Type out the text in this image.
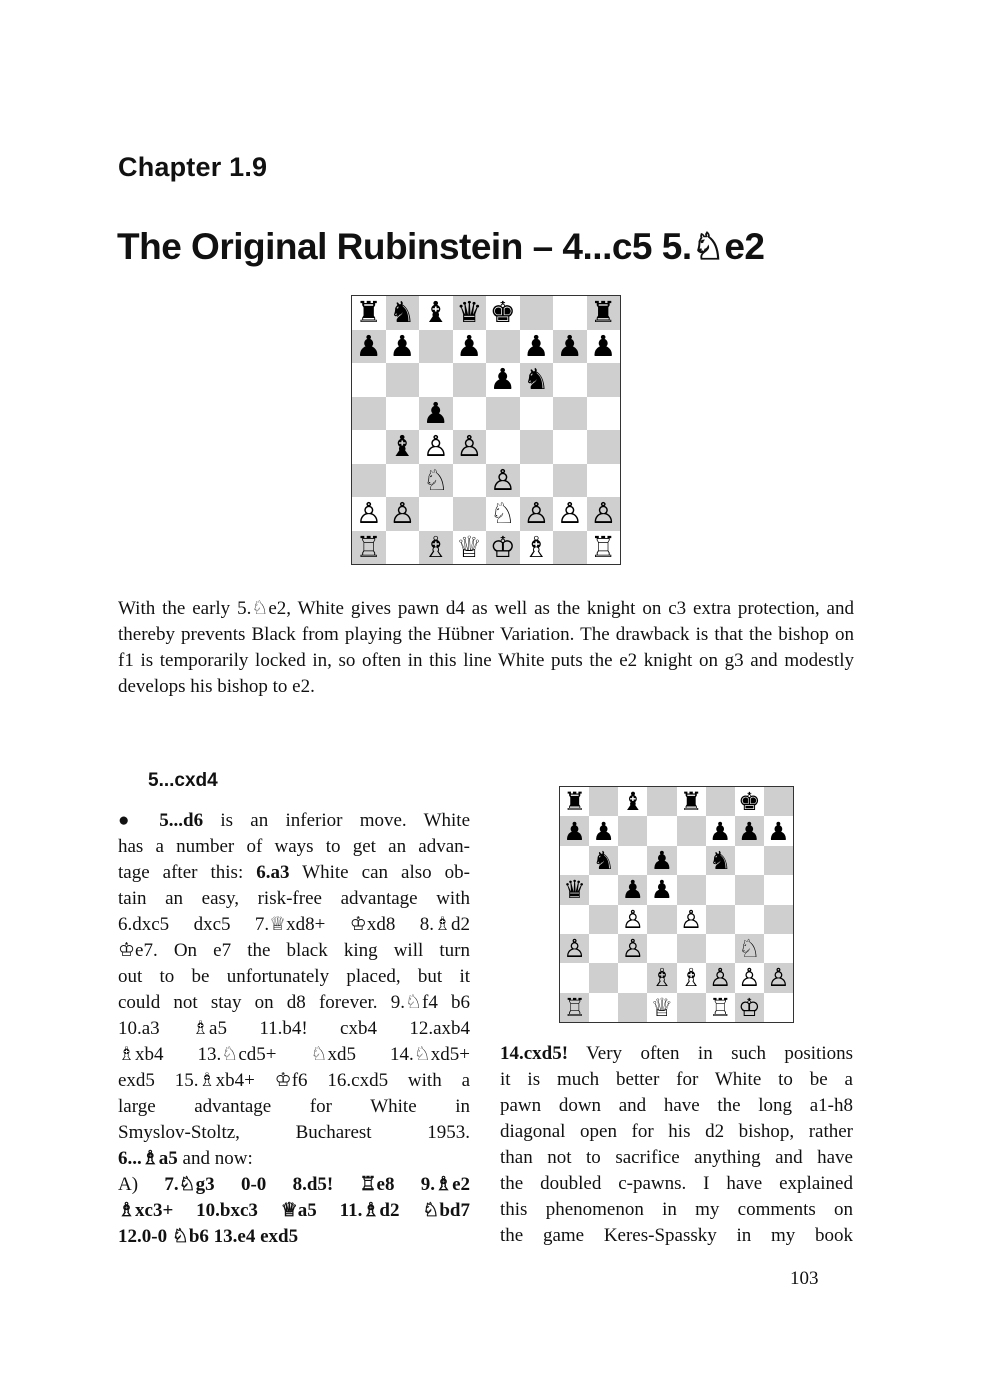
Chapter 1.9
The Original Rubinstein – 4...c5 5.♘e2
♜ ♞ ♝ ♛ ♚	♜
♟ ♟ ♟ ♟ ♟ ♟
♟ ♞
♟
♝ ♙ ♙
♘ ♙
♙ ♙	♘ ♙ ♙ ♙
♖ ♗ ♕ ♔ ♗ ♖
With the early 5.♘e2, White gives pawn d4 as well as the knight on c3 extra protection, and thereby prevents Black from playing the Hübner Variation. The drawback is that the bishop on f1 is temporarily locked in, so often in this line White puts the e2 knight on g3 and modestly develops his bishop to e2.
5...cxd4
● 5...d6 is an inferior move. White
has a number of ways to get an advan-
tage after this: 6.a3 White can also ob-
tain an easy, risk-free advantage with
6.dxc5 dxc5 7.♕xd8+ ♔xd8 8.♗d2
♔e7. On e7 the black king will turn
out to be unfortunately placed, but it
could not stay on d8 forever. 9.♘f4 b6
10.a3 ♗a5 11.b4! cxb4 12.axb4
♗xb4 13.♘cd5+ ♘xd5 14.♘xd5+
exd5 15.♗xb4+ ♔f6 16.cxd5 with a
large advantage for White in
Smyslov-Stoltz, Bucharest 1953.
6...♗a5 and now:
A) 7.♘g3 0-0 8.d5! ♖e8 9.♗e2
♗xc3+ 10.bxc3 ♕a5 11.♗d2 ♘bd7
12.0-0 ♘b6 13.e4 exd5
♜ ♝ ♜ ♚
♟ ♟	♟ ♟ ♟
♞ ♟ ♞
♛ ♟ ♟
♙ ♙
♙ ♙	♘
♗ ♗ ♙ ♙ ♙
♖	♕ ♖ ♔
14.cxd5! Very often in such positions
it is much better for White to be a
pawn down and have the long a1-h8
diagonal open for his d2 bishop, rather
than not to sacrifice anything and have
the doubled c-pawns. I have explained
this phenomenon in my comments on
the game Keres-Spassky in my book
103
